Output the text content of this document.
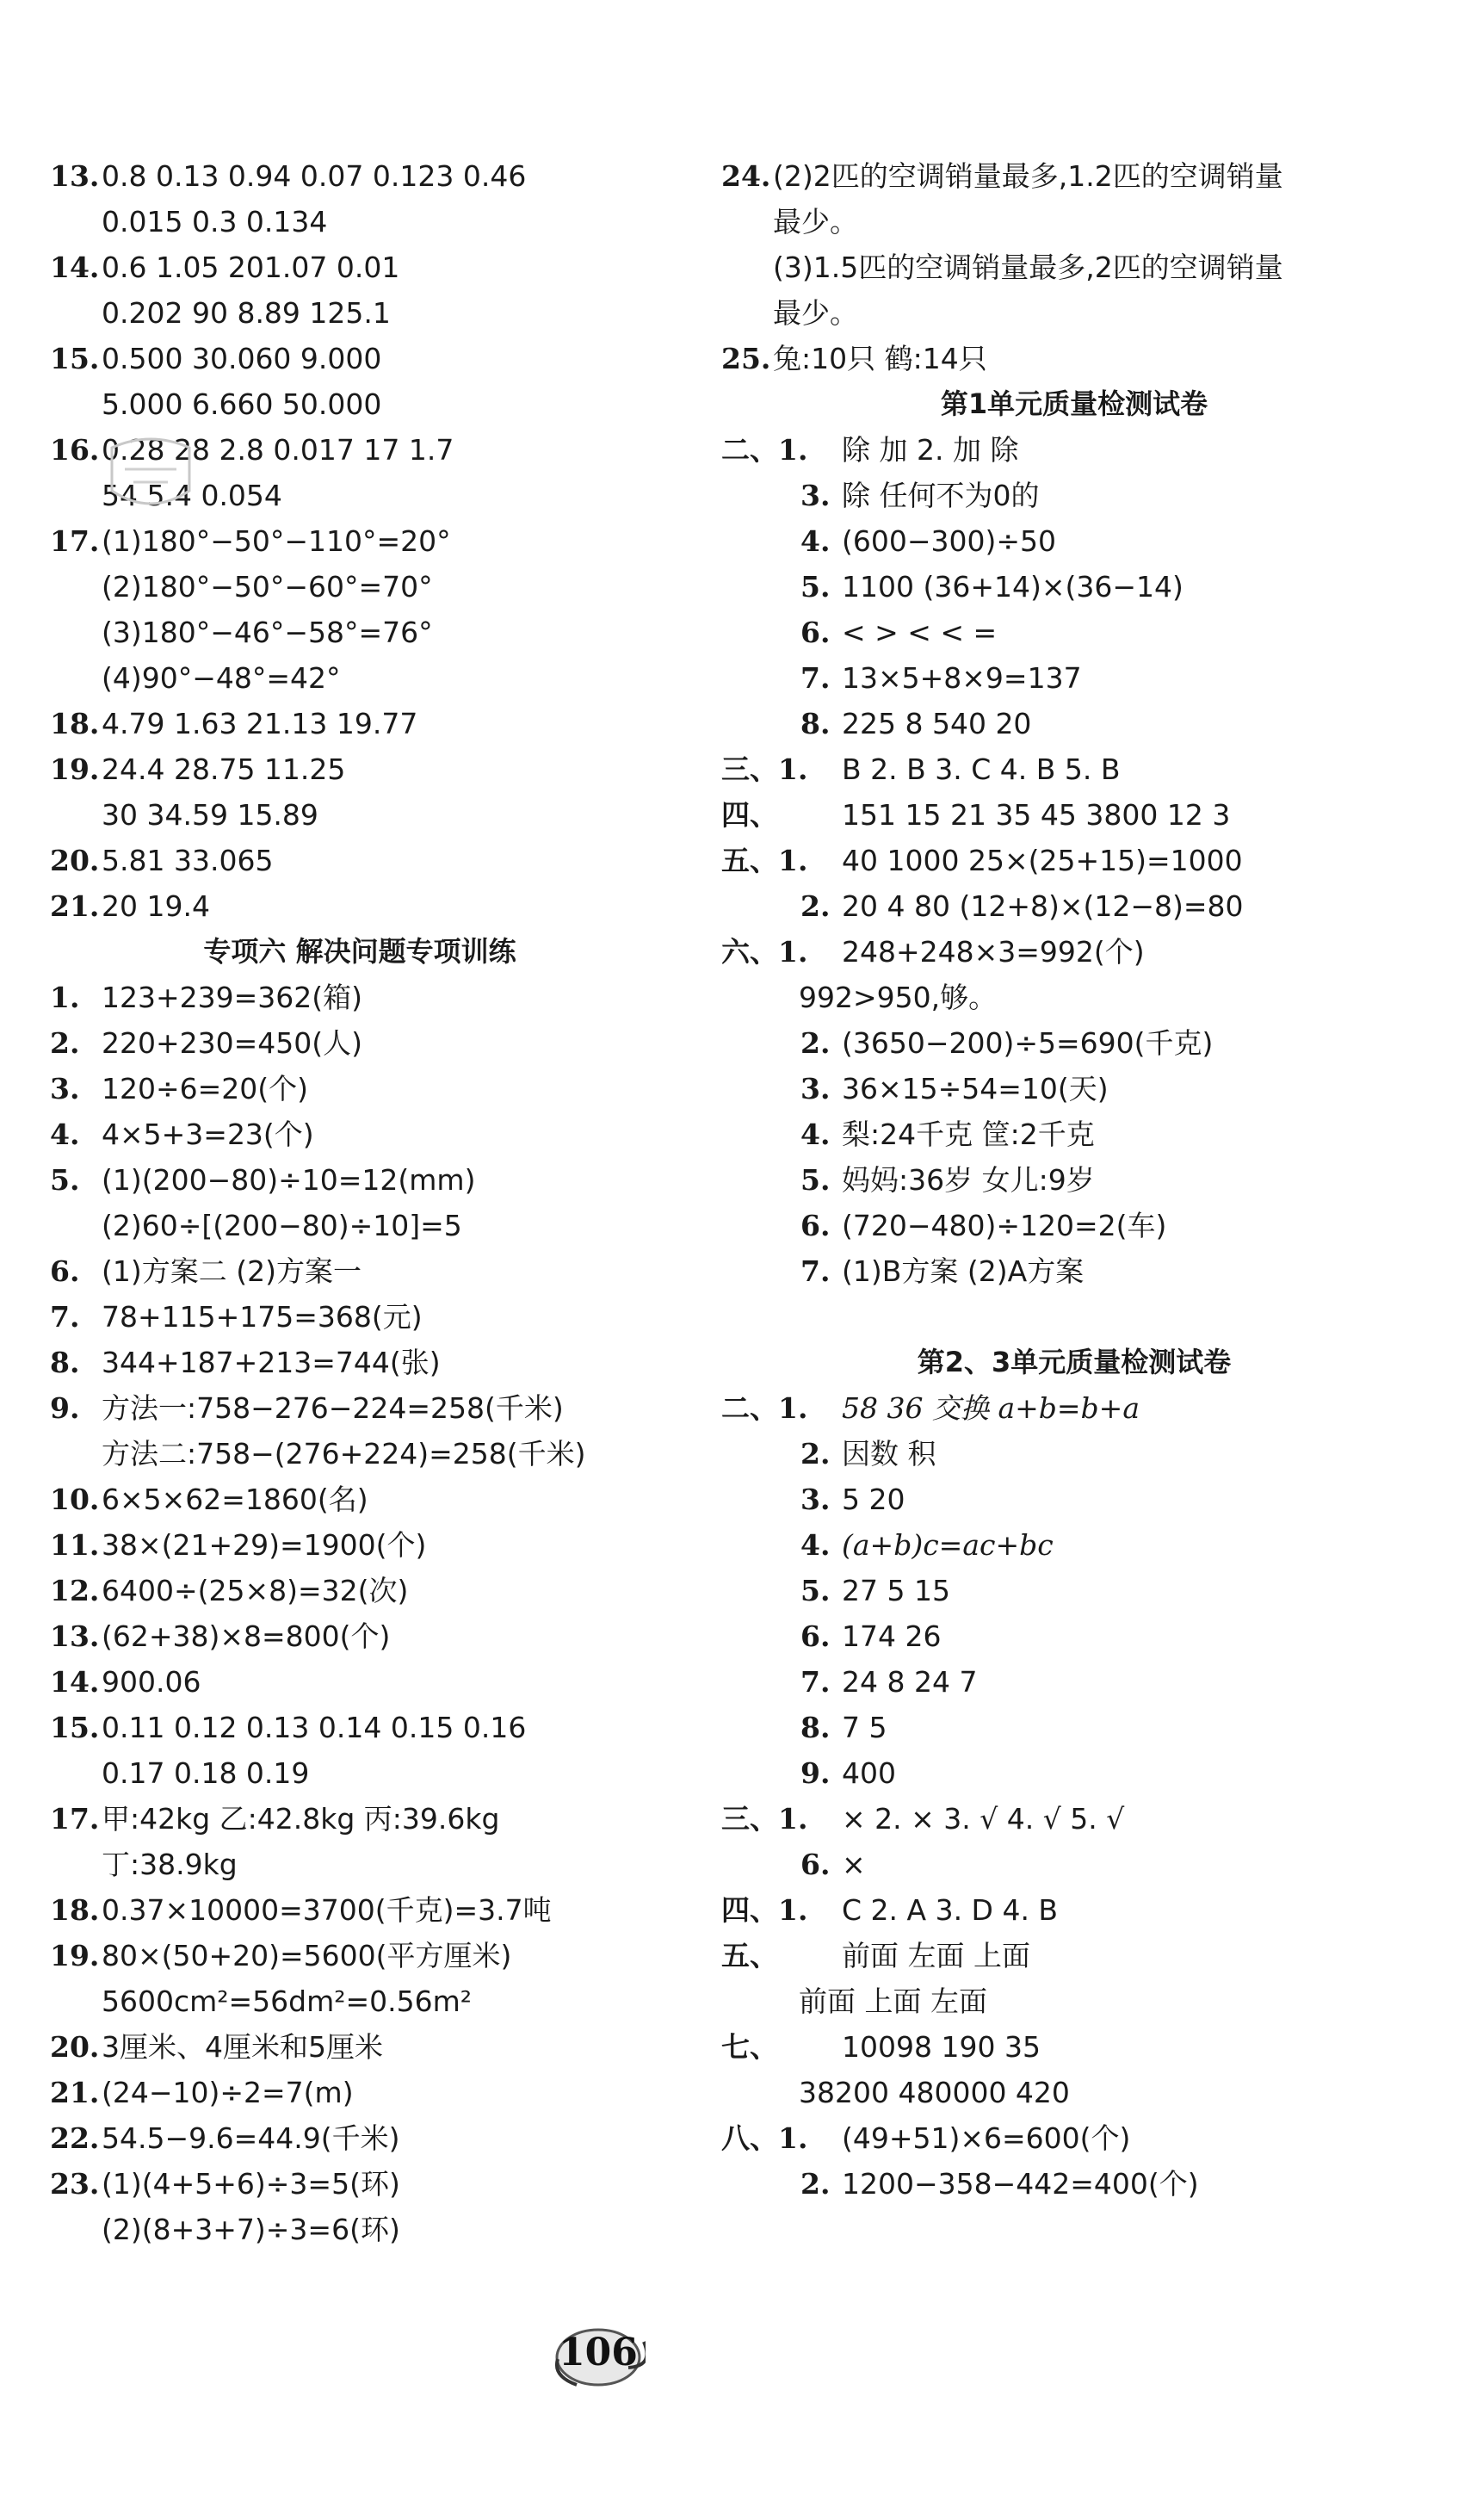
13. 0.8 0.13 0.94 0.07 0.123 0.46
0.015 0.3 0.134
14. 0.6 1.05 201.07 0.01
0.202 90 8.89 125.1
15. 0.500 30.060 9.000
5.000 6.660 50.000
16. 0.28 28 2.8 0.017 17 1.7
54 5.4 0.054
17. (1)180°−50°−110°=20°
(2)180°−50°−60°=70°
(3)180°−46°−58°=76°
(4)90°−48°=42°
18. 4.79 1.63 21.13 19.77
19. 24.4 28.75 11.25
30 34.59 15.89
20. 5.81 33.065
21. 20 19.4
专项六 解决问题专项训练
1. 123+239=362(箱)
2. 220+230=450(人)
3. 120÷6=20(个)
4. 4×5+3=23(个)
5. (1)(200−80)÷10=12(mm)
(2)60÷[(200−80)÷10]=5
6. (1)方案二 (2)方案一
7. 78+115+175=368(元)
8. 344+187+213=744(张)
9. 方法一:758−276−224=258(千米)
方法二:758−(276+224)=258(千米)
10. 6×5×62=1860(名)
11. 38×(21+29)=1900(个)
12. 6400÷(25×8)=32(次)
13. (62+38)×8=800(个)
14. 900.06
15. 0.11 0.12 0.13 0.14 0.15 0.16
0.17 0.18 0.19
17. 甲:42kg 乙:42.8kg 丙:39.6kg
丁:38.9kg
18. 0.37×10000=3700(千克)=3.7吨
19. 80×(50+20)=5600(平方厘米)
5600cm²=56dm²=0.56m²
20. 3厘米、4厘米和5厘米
21. (24−10)÷2=7(m)
22. 54.5−9.6=44.9(千米)
23. (1)(4+5+6)÷3=5(环)
(2)(8+3+7)÷3=6(环)
24. (2)2匹的空调销量最多,1.2匹的空调销量
最少。
(3)1.5匹的空调销量最多,2匹的空调销量
最少。
25. 兔:10只 鹤:14只
第1单元质量检测试卷
二、1. 除 加 2. 加 除
3. 除 任何不为0的
4. (600−300)÷50
5. 1100 (36+14)×(36−14)
6. < > < < =
7. 13×5+8×9=137
8. 225 8 540 20
三、1. B 2. B 3. C 4. B 5. B
四、 151 15 21 35 45 3800 12 3
五、1. 40 1000 25×(25+15)=1000
2. 20 4 80 (12+8)×(12−8)=80
六、1. 248+248×3=992(个)
992>950,够。
2. (3650−200)÷5=690(千克)
3. 36×15÷54=10(天)
4. 梨:24千克 筐:2千克
5. 妈妈:36岁 女儿:9岁
6. (720−480)÷120=2(车)
7. (1)B方案 (2)A方案
第2、3单元质量检测试卷
二、1. 58 36 交换 a+b=b+a
2. 因数 积
3. 5 20
4. (a+b)c=ac+bc
5. 27 5 15
6. 174 26
7. 24 8 24 7
8. 7 5
9. 400
三、1. × 2. × 3. √ 4. √ 5. √
6. ×
四、1. C 2. A 3. D 4. B
五、 前面 左面 上面
前面 上面 左面
七、 10098 190 35
38200 480000 420
八、1. (49+51)×6=600(个)
2. 1200−358−442=400(个)
106
